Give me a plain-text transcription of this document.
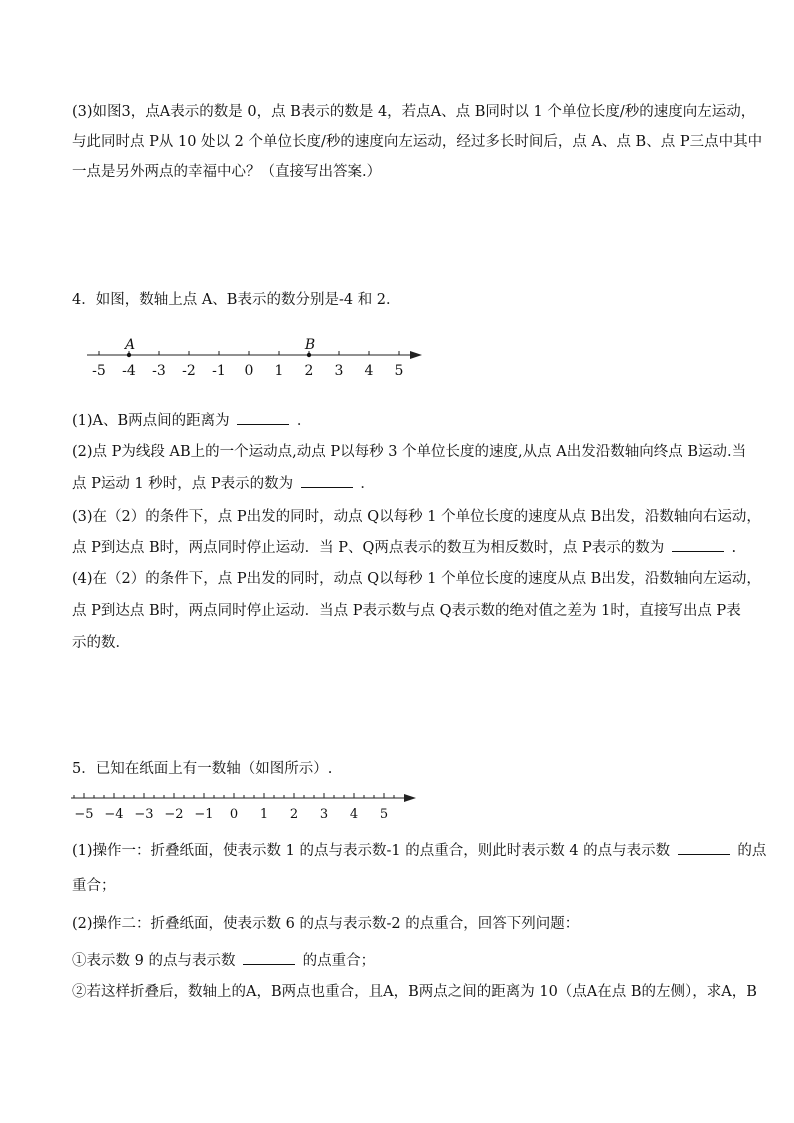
(3)如图3，点A表示的数是 0，点 B表示的数是 4，若点A、点 B同时以 1 个单位长度/秒的速度向左运动，
与此同时点 P从 10 处以 2 个单位长度/秒的速度向左运动，经过多长时间后，点 A、点 B、点 P三点中其中
一点是另外两点的幸福中心？（直接写出答案.）
4．如图，数轴上点 A、B表示的数分别是-4 和 2．
-5 -4 -3 -2 -1 0 1 2 3 4 5
A	B
(1)A、B两点间的距离为	．
(2)点 P为线段 AB上的一个运动点,动点 P以每秒 3 个单位长度的速度,从点 A出发沿数轴向终点 B运动.当
点 P运动 1 秒时，点 P表示的数为	．
(3)在（2）的条件下，点 P出发的同时，动点 Q以每秒 1 个单位长度的速度从点 B出发，沿数轴向右运动，
点 P到达点 B时，两点同时停止运动．当 P、Q两点表示的数互为相反数时，点 P表示的数为	.
(4)在（2）的条件下，点 P出发的同时，动点 Q以每秒 1 个单位长度的速度从点 B出发，沿数轴向左运动，
点 P到达点 B时，两点同时停止运动．当点 P表示数与点 Q表示数的绝对值之差为 1时，直接写出点 P表
示的数．
5．已知在纸面上有一数轴（如图所示）.
−5 −4 −3 −2 −1 0 1 2 3 4 5
(1)操作一：折叠纸面，使表示数 1 的点与表示数-1 的点重合，则此时表示数 4 的点与表示数	的点
重合；
(2)操作二：折叠纸面，使表示数 6 的点与表示数-2 的点重合，回答下列问题：
①表示数 9 的点与表示数	的点重合；
②若这样折叠后，数轴上的A，B两点也重合，且A，B两点之间的距离为 10（点A在点 B的左侧），求A，B
